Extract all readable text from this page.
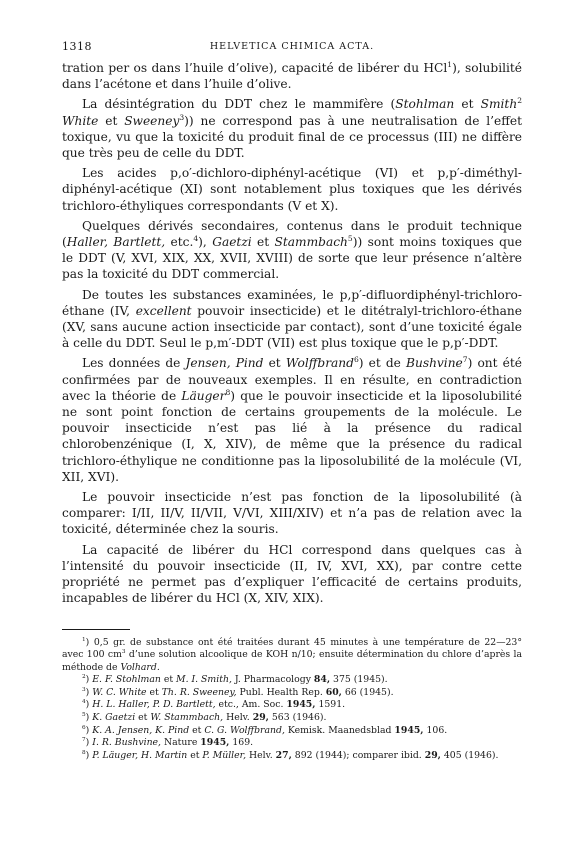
1318	HELVETICA CHIMICA ACTA.

tration per os dans l’huile d’olive), capacité de libérer du HCl$^1$), solubilité dans l’acétone et dans l’huile d’olive.

La désintégration du DDT chez le mammifère (Stohlman et Smith$^2$ White et Sweeney$^3$)) ne correspond pas à une neutralisation de l’effet toxique, vu que la toxicité du produit final de ce processus (III) ne diffère que très peu de celle du DDT.

Les acides p,o′-dichloro-diphényl-acétique (VI) et p,p′-diméthyl-diphényl-acétique (XI) sont notablement plus toxiques que les dérivés trichloro-éthyliques correspondants (V et X).

Quelques dérivés secondaires, contenus dans le produit technique (Haller, Bartlett, etc.$^4$), Gaetzi et Stammbach$^5$)) sont moins toxiques que le DDT (V, XVI, XIX, XX, XVII, XVIII) de sorte que leur présence n’altère pas la toxicité du DDT commercial.

De toutes les substances examinées, le p,p′-difluordiphényl-trichloro-éthane (IV, excellent pouvoir insecticide) et le ditétralyl-trichloro-éthane (XV, sans aucune action insecticide par contact), sont d’une toxicité égale à celle du DDT. Seul le p,m′-DDT (VII) est plus toxique que le p,p′-DDT.

Les données de Jensen, Pind et Wolffbrand$^6$) et de Bushvine$^7$) ont été confirmées par de nouveaux exemples. Il en résulte, en contradiction avec la théorie de Läuger$^8$) que le pouvoir insecticide et la liposolubilité ne sont point fonction de certains groupements de la molécule. Le pouvoir insecticide n’est pas lié à la présence du radical chlorobenzénique (I, X, XIV), de même que la présence du radical trichloro-éthylique ne conditionne pas la liposolubilité de la molécule (VI, XII, XVI).

Le pouvoir insecticide n’est pas fonction de la liposolubilité (à comparer: I/II, II/V, II/VII, V/VI, XIII/XIV) et n’a pas de relation avec la toxicité, déterminée chez la souris.

La capacité de libérer du HCl correspond dans quelques cas à l’intensité du pouvoir insecticide (II, IV, XVI, XX), par contre cette propriété ne permet pas d’expliquer l’efficacité de certains produits, incapables de libérer du HCl (X, XIV, XIX).

$^1$) 0,5 gr. de substance ont été traitées durant 45 minutes à une température de 22—23° avec 100 $cm^3$ d’une solution alcoolique de KOH n/10; ensuite détermination du chlore d’après la méthode de Volhard.

$^2$) E. F. Stohlman et M. I. Smith, J. Pharmacology 84, 375 (1945).

$^3$) W. C. White et Th. R. Sweeney, Publ. Health Rep. 60, 66 (1945).

$^4$) H. L. Haller, P. D. Bartlett, etc., Am. Soc. 1945, 1591.

$^5$) K. Gaetzi et W. Stammbach, Helv. 29, 563 (1946).

$^6$) K. A. Jensen, K. Pind et C. G. Wolffbrand, Kemisk. Maanedsblad 1945, 106.

$^7$) I. R. Bushvine, Nature 1945, 169.

$^8$) P. Läuger, H. Martin et P. Müller, Helv. 27, 892 (1944); comparer ibid. 29, 405 (1946).
